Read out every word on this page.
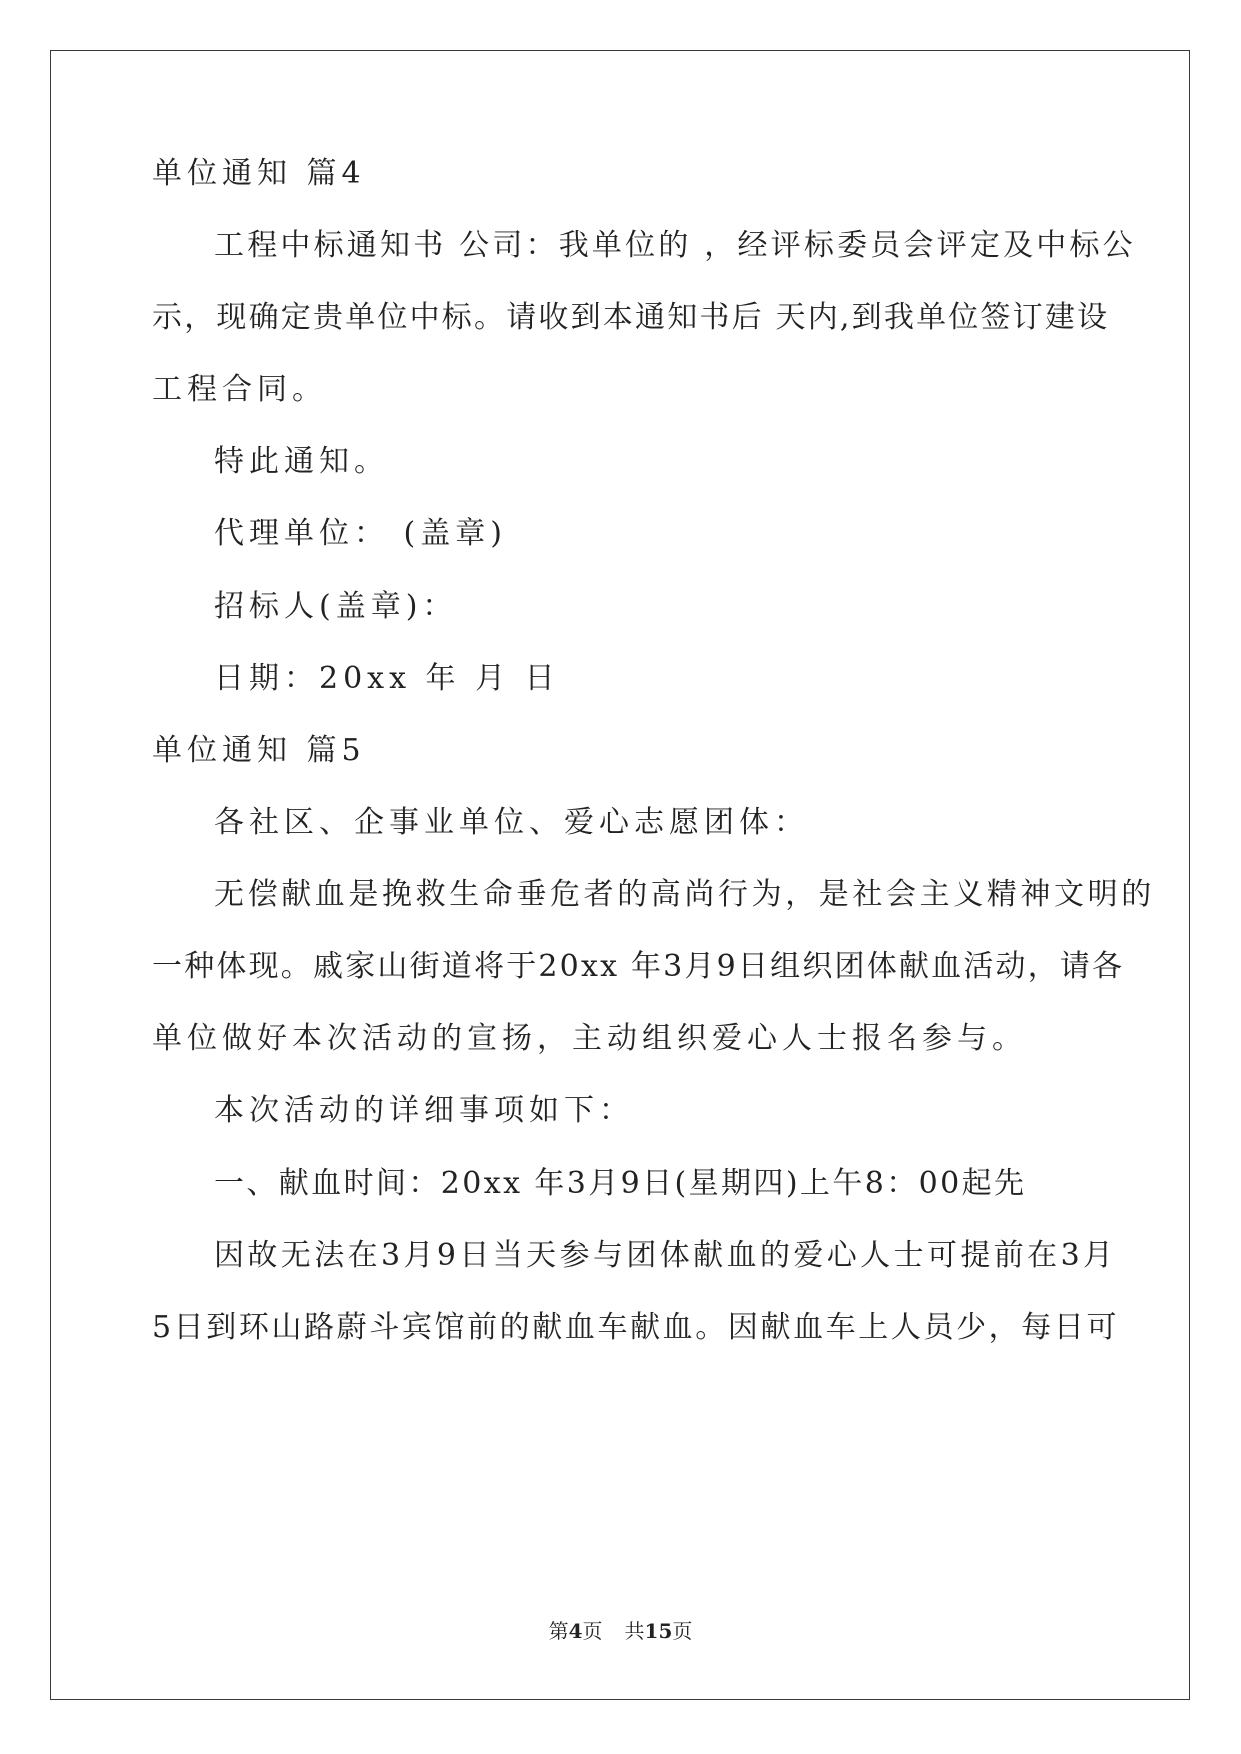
单位通知 篇4

工程中标通知书 公司：我单位的 ，经评标委员会评定及中标公

示，现确定贵单位中标。请收到本通知书后 天内,到我单位签订建设

工程合同。

特此通知。

代理单位： (盖章)

招标人(盖章)：

日期：20xx 年 月 日

单位通知 篇5

各社区、企事业单位、爱心志愿团体：

无偿献血是挽救生命垂危者的高尚行为，是社会主义精神文明的

一种体现。戚家山街道将于20xx 年3月9日组织团体献血活动，请各

单位做好本次活动的宣扬，主动组织爱心人士报名参与。

本次活动的详细事项如下：

一、献血时间：20xx 年3月9日(星期四)上午8：00起先

因故无法在3月9日当天参与团体献血的爱心人士可提前在3月

5日到环山路蔚斗宾馆前的献血车献血。因献血车上人员少，每日可

第4页 共15页
